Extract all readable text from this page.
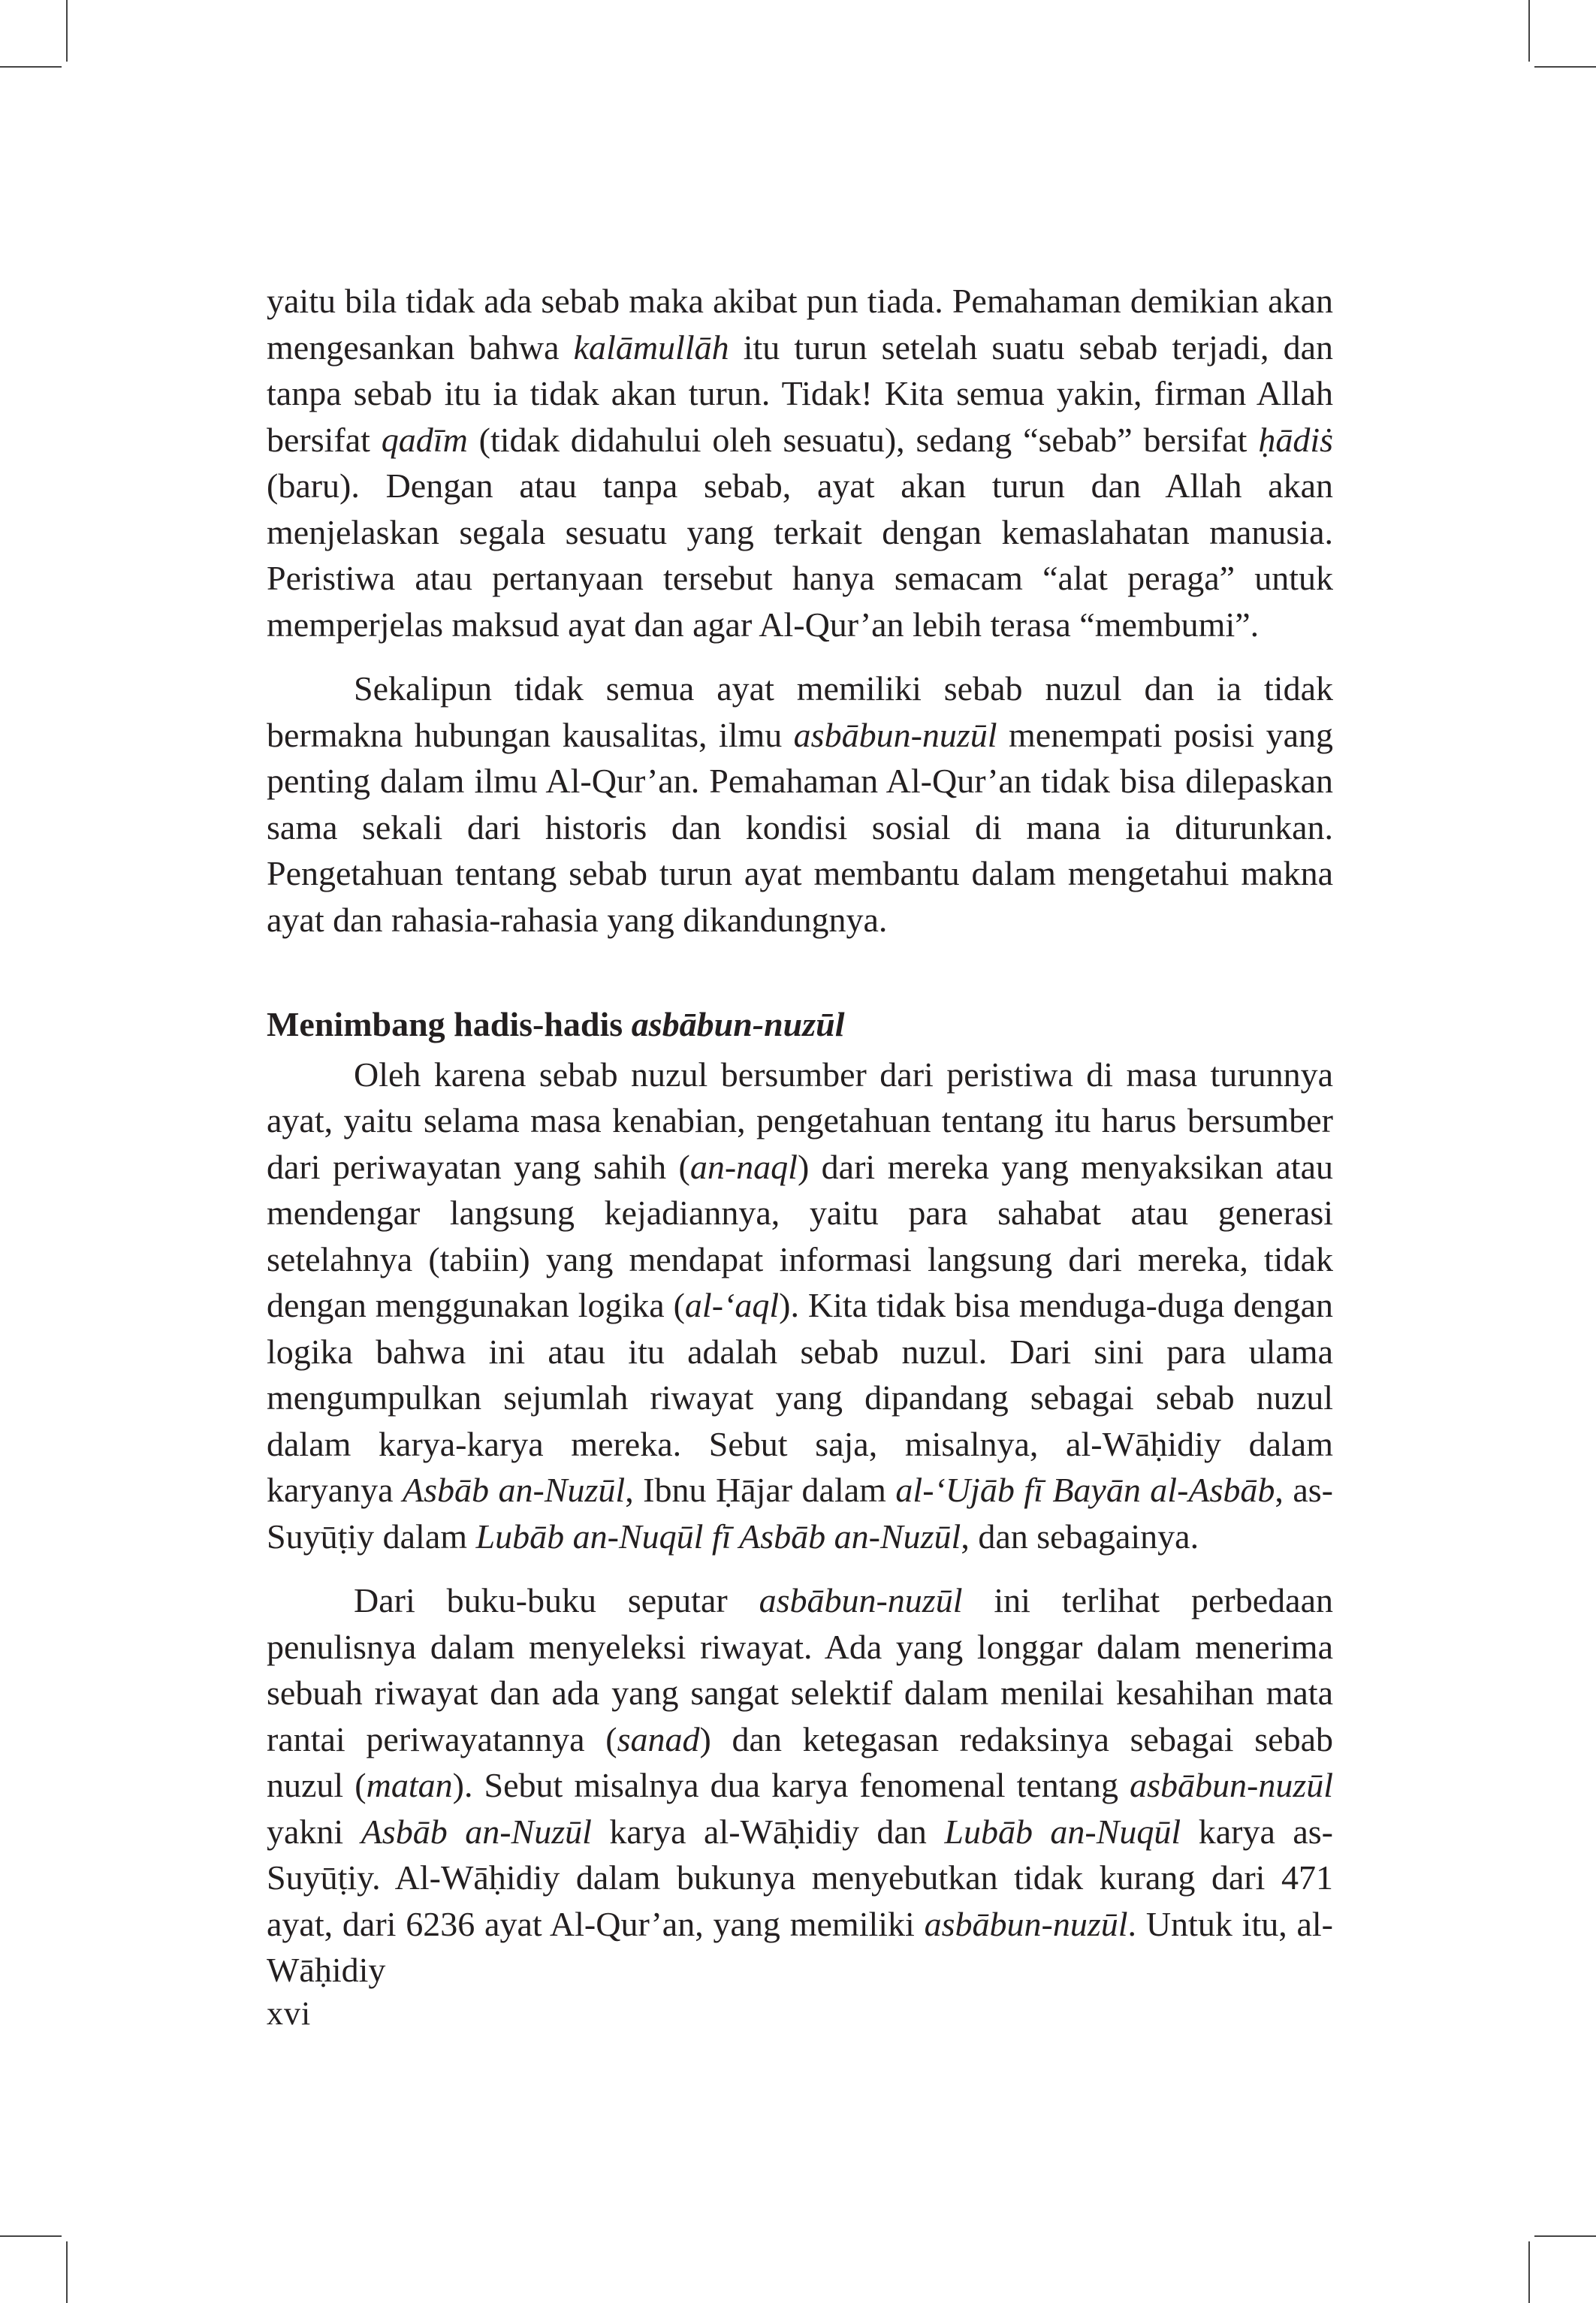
yaitu bila tidak ada sebab maka akibat pun tiada. Pemahaman demikian akan mengesankan bahwa kalāmullāh itu turun setelah suatu sebab terjadi, dan tanpa sebab itu ia tidak akan turun. Tidak! Kita semua yakin, firman Allah bersifat qadīm (tidak didahului oleh sesuatu), sedang “sebab” bersifat ḥādiṡ (baru). Dengan atau tanpa sebab, ayat akan turun dan Allah akan menjelaskan segala sesuatu yang terkait dengan kemaslahatan manusia. Peristiwa atau pertanyaan tersebut hanya semacam “alat peraga” untuk memperjelas maksud ayat dan agar Al-Qur’an lebih terasa “membumi”.

Sekalipun tidak semua ayat memiliki sebab nuzul dan ia tidak bermakna hubungan kausalitas, ilmu asbābun-nuzūl menempati posisi yang penting dalam ilmu Al-Qur’an. Pemahaman Al-Qur’an tidak bisa dilepaskan sama sekali dari historis dan kondisi sosial di mana ia diturunkan. Pengetahuan tentang sebab turun ayat membantu dalam mengetahui makna ayat dan rahasia-rahasia yang dikandungnya.

Menimbang hadis-hadis asbābun-nuzūl

Oleh karena sebab nuzul bersumber dari peristiwa di masa turunnya ayat, yaitu selama masa kenabian, pengetahuan tentang itu harus bersumber dari periwayatan yang sahih (an-naql) dari mereka yang menyaksikan atau mendengar langsung kejadiannya, yaitu para sahabat atau generasi setelahnya (tabiin) yang mendapat informasi langsung dari mereka, tidak dengan menggunakan logika (al-‘aql). Kita tidak bisa menduga-duga dengan logika bahwa ini atau itu adalah sebab nuzul. Dari sini para ulama mengumpulkan sejumlah riwayat yang dipandang sebagai sebab nuzul dalam karya-karya mereka. Sebut saja, misalnya, al-Wāḥidiy dalam karyanya Asbāb an-Nuzūl, Ibnu Ḥājar dalam al-‘Ujāb fī Bayān al-Asbāb, as-Suyūṭiy dalam Lubāb an-Nuqūl fī Asbāb an-Nuzūl, dan sebagainya.

Dari buku-buku seputar asbābun-nuzūl ini terlihat perbedaan penulisnya dalam menyeleksi riwayat. Ada yang longgar dalam menerima sebuah riwayat dan ada yang sangat selektif dalam menilai kesahihan mata rantai periwayatannya (sanad) dan ketegasan redaksinya sebagai sebab nuzul (matan). Sebut misalnya dua karya fenomenal tentang asbābun-nuzūl yakni Asbāb an-Nuzūl karya al-Wāḥidiy dan Lubāb an-Nuqūl karya as-Suyūṭiy. Al-Wāḥidiy dalam bukunya menyebutkan tidak kurang dari 471 ayat, dari 6236 ayat Al-Qur’an, yang memiliki asbābun-nuzūl. Untuk itu, al-Wāḥidiy

xvi
